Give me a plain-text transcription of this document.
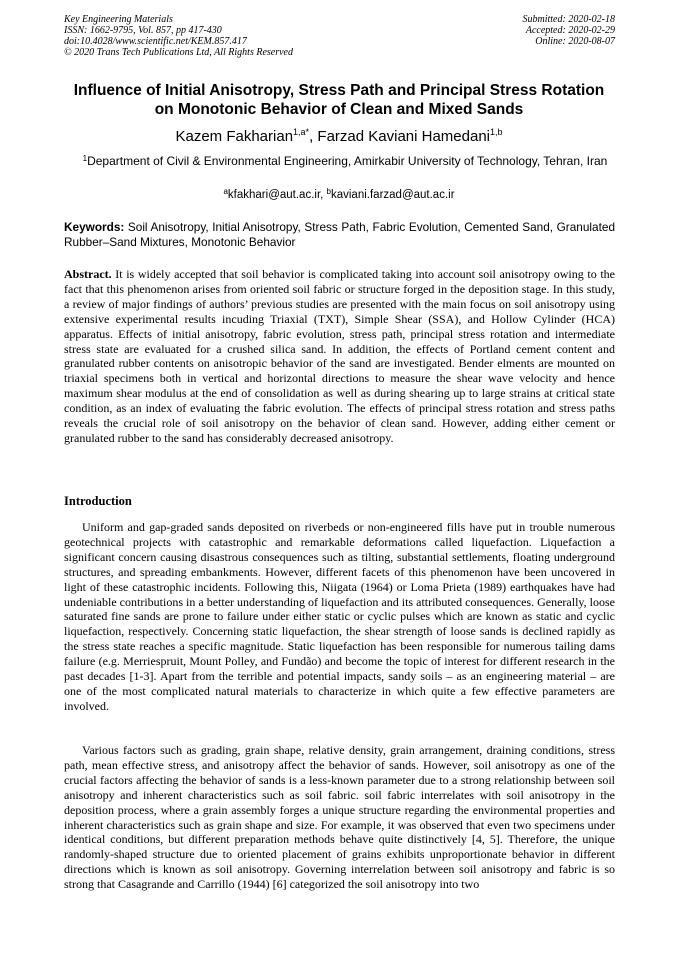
Key Engineering Materials
ISSN: 1662-9795, Vol. 857, pp 417-430
doi:10.4028/www.scientific.net/KEM.857.417
© 2020 Trans Tech Publications Ltd, All Rights Reserved
Submitted: 2020-02-18
Accepted: 2020-02-29
Online: 2020-08-07
Influence of Initial Anisotropy, Stress Path and Principal Stress Rotation
on Monotonic Behavior of Clean and Mixed Sands
Kazem Fakharian$^{1,a*}$, Farzad Kaviani Hamedani$^{1,b}$
$^1$Department of Civil & Environmental Engineering, Amirkabir University of Technology, Tehran, Iran
$^a$kfakhari@aut.ac.ir, $^b$kaviani.farzad@aut.ac.ir
Keywords: Soil Anisotropy, Initial Anisotropy, Stress Path, Fabric Evolution, Cemented Sand, Granulated Rubber–Sand Mixtures, Monotonic Behavior
Abstract. It is widely accepted that soil behavior is complicated taking into account soil anisotropy owing to the fact that this phenomenon arises from oriented soil fabric or structure forged in the deposition stage. In this study, a review of major findings of authors’ previous studies are presented with the main focus on soil anisotropy using extensive experimental results incuding Triaxial (TXT), Simple Shear (SSA), and Hollow Cylinder (HCA) apparatus. Effects of initial anisotropy, fabric evolution, stress path, principal stress rotation and intermediate stress state are evaluated for a crushed silica sand. In addition, the effects of Portland cement content and granulated rubber contents on anisotropic behavior of the sand are investigated. Bender elments are mounted on triaxial specimens both in vertical and horizontal directions to measure the shear wave velocity and hence maximum shear modulus at the end of consolidation as well as during shearing up to large strains at critical state condition, as an index of evaluating the fabric evolution. The effects of principal stress rotation and stress paths reveals the crucial role of soil anisotropy on the behavior of clean sand. However, adding either cement or granulated rubber to the sand has considerably decreased anisotropy.
Introduction

Uniform and gap-graded sands deposited on riverbeds or non-engineered fills have put in trouble numerous geotechnical projects with catastrophic and remarkable deformations called liquefaction. Liquefaction a significant concern causing disastrous consequences such as tilting, substantial settlements, floating underground structures, and spreading embankments. However, different facets of this phenomenon have been uncovered in light of these catastrophic incidents. Following this, Niigata (1964) or Loma Prieta (1989) earthquakes have had undeniable contributions in a better understanding of liquefaction and its attributed consequences. Generally, loose saturated fine sands are prone to failure under either static or cyclic pulses which are known as static and cyclic liquefaction, respectively. Concerning static liquefaction, the shear strength of loose sands is declined rapidly as the stress state reaches a specific magnitude. Static liquefaction has been responsible for numerous tailing dams failure (e.g. Merriespruit, Mount Polley, and Fundão) and become the topic of interest for different research in the past decades [1-3]. Apart from the terrible and potential impacts, sandy soils – as an engineering material – are one of the most complicated natural materials to characterize in which quite a few effective parameters are involved.

Various factors such as grading, grain shape, relative density, grain arrangement, draining conditions, stress path, mean effective stress, and anisotropy affect the behavior of sands. However, soil anisotropy as one of the crucial factors affecting the behavior of sands is a less-known parameter due to a strong relationship between soil anisotropy and inherent characteristics such as soil fabric. soil fabric interrelates with soil anisotropy in the deposition process, where a grain assembly forges a unique structure regarding the environmental properties and inherent characteristics such as grain shape and size. For example, it was observed that even two specimens under identical conditions, but different preparation methods behave quite distinctively [4, 5]. Therefore, the unique randomly-shaped structure due to oriented placement of grains exhibits unproportionate behavior in different directions which is known as soil anisotropy. Governing interrelation between soil anisotropy and fabric is so strong that Casagrande and Carrillo (1944) [6] categorized the soil anisotropy into two
